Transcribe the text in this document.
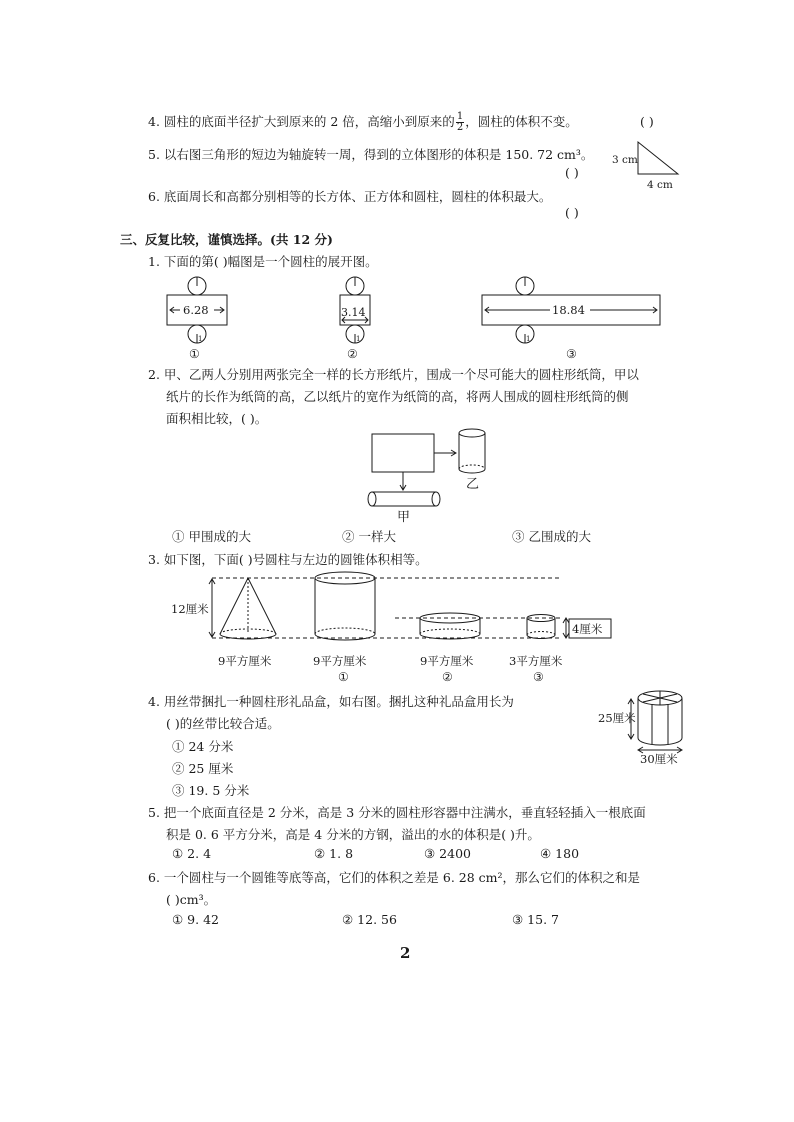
4. 圆柱的底面半径扩大到原来的 2 倍，高缩小到原来的 $\frac{1}{2}$ ，圆柱的体积不变。	( )
5. 以右图三角形的短边为轴旋转一周，得到的立体图形的体积是 150. 72 cm³。
( )
6. 底面周长和高都分别相等的长方体、正方体和圆柱，圆柱的体积最大。
( )
三、反复比较，谨慎选择。(共 12 分)
1. 下面的第( )幅图是一个圆柱的展开图。
2. 甲、乙两人分别用两张完全一样的长方形纸片，围成一个尽可能大的圆柱形纸筒，甲以
纸片的长作为纸筒的高，乙以纸片的宽作为纸筒的高，将两人围成的圆柱形纸筒的侧
面积相比较，( )。
① 甲围成的大	② 一样大	③ 乙围成的大
3. 如下图，下面( )号圆柱与左边的圆锥体积相等。
4. 用丝带捆扎一种圆柱形礼品盒，如右图。捆扎这种礼品盒用长为
( )的丝带比较合适。
① 24 分米
② 25 厘米
③ 19. 5 分米
5. 把一个底面直径是 2 分米，高是 3 分米的圆柱形容器中注满水，垂直轻轻插入一根底面
积是 0. 6 平方分米，高是 4 分米的方钢，溢出的水的体积是( )升。
① 2. 4	② 1. 8	③ 2400	④ 180
6. 一个圆柱与一个圆锥等底等高，它们的体积之差是 6. 28 cm²，那么它们的体积之和是
( )cm³。
① 9. 42	② 12. 56	③ 15. 7
2
3 cm
4 cm
6.28
1
①
3.14
1
②
18.84
1
③
乙
甲
12厘米
9平方厘米	9平方厘米
①
9平方厘米
②
3平方厘米
③
4厘米
25厘米
30厘米
